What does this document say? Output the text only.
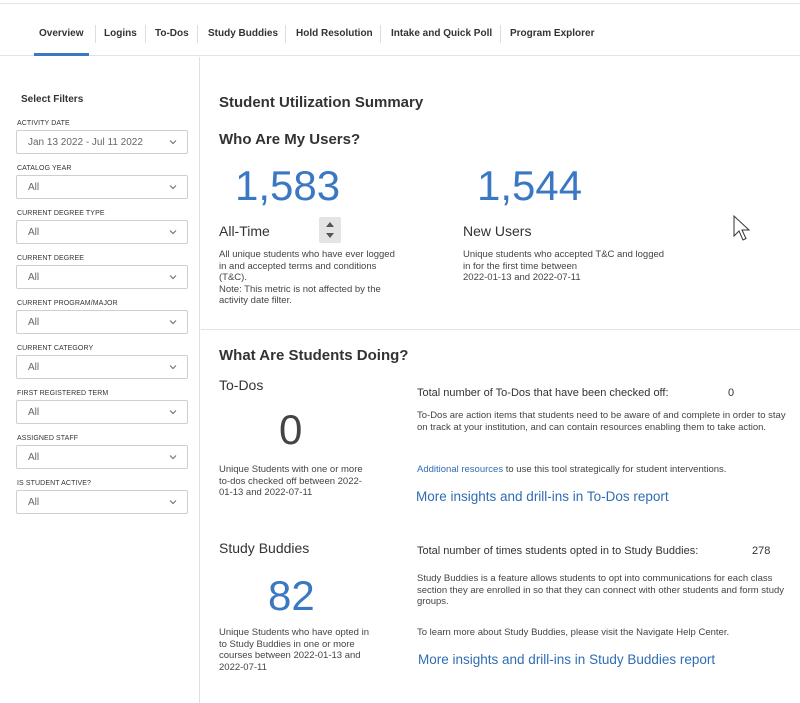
Overview Logins To-Dos Study Buddies Hold Resolution Intake and Quick Poll Program Explorer
Select Filters
ACTIVITY DATE
Jan 13 2022 - Jul 11 2022
CATALOG YEAR
All
CURRENT DEGREE TYPE
All
CURRENT DEGREE
All
CURRENT PROGRAM/MAJOR
All
CURRENT CATEGORY
All
FIRST REGISTERED TERM
All
ASSIGNED STAFF
All
IS STUDENT ACTIVE?
All
Student Utilization Summary
Who Are My Users?
1,583
All-Time
All unique students who have ever logged in and accepted terms and conditions (T&C).
Note: This metric is not affected by the activity date filter.
1,544
New Users
Unique students who accepted T&C and logged in for the first time between
2022-01-13 and 2022-07-11
What Are Students Doing?
To-Dos
0
Unique Students with one or more to-dos checked off between 2022-01-13 and 2022-07-11
Total number of To-Dos that have been checked off:	0
To-Dos are action items that students need to be aware of and complete in order to stay on track at your institution, and can contain resources enabling them to take action.
Additional resources to use this tool strategically for student interventions.
More insights and drill-ins in To-Dos report
Study Buddies
82
Unique Students who have opted in to Study Buddies in one or more courses between 2022-01-13 and 2022-07-11
Total number of times students opted in to Study Buddies:	278
Study Buddies is a feature allows students to opt into communications for each class section they are enrolled in so that they can connect with other students and form study groups.
To learn more about Study Buddies, please visit the Navigate Help Center.
More insights and drill-ins in Study Buddies report
